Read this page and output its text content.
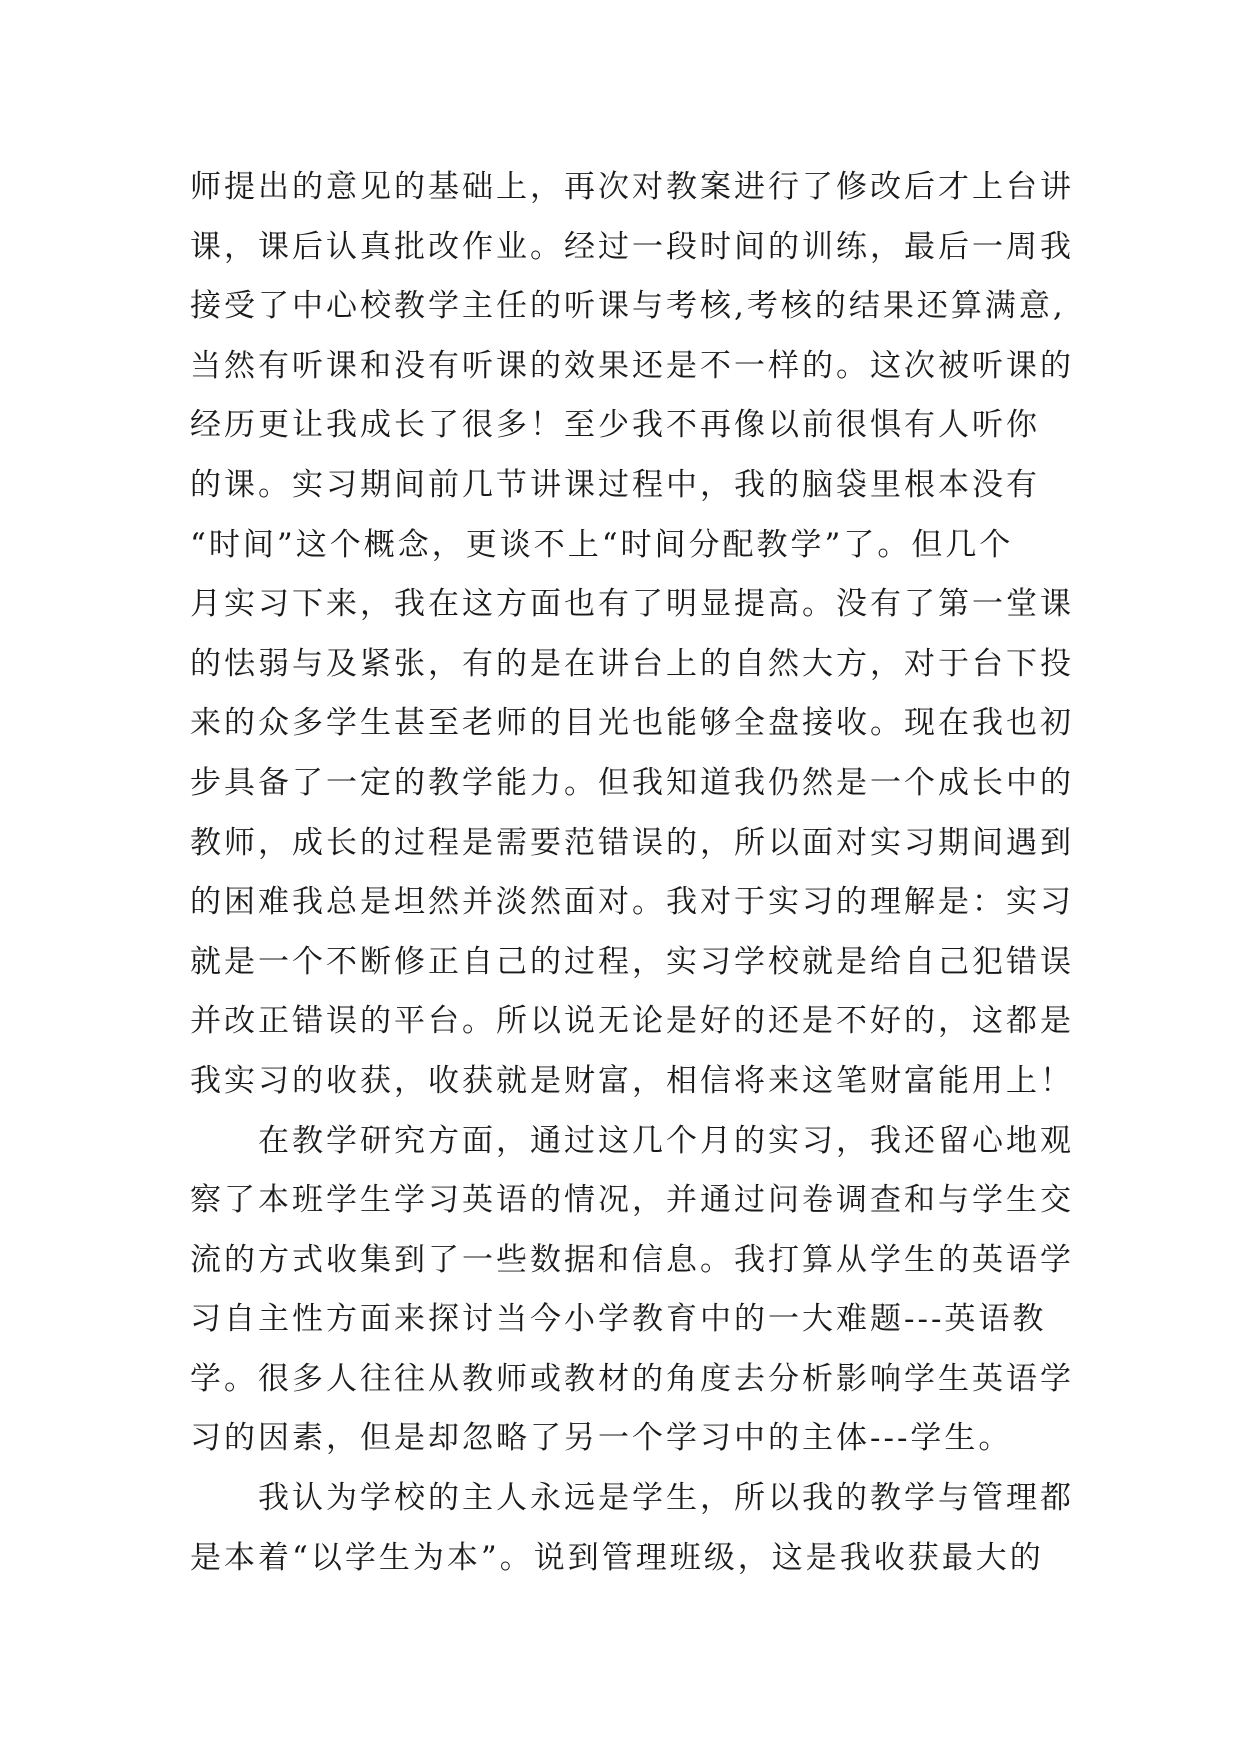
师提出的意见的基础上，再次对教案进行了修改后才上台讲
课，课后认真批改作业。经过一段时间的训练，最后一周我
接受了中心校教学主任的听课与考核,考核的结果还算满意,
当然有听课和没有听课的效果还是不一样的。这次被听课的
经历更让我成长了很多！至少我不再像以前很惧有人听你
的课。实习期间前几节讲课过程中，我的脑袋里根本没有
“时间”这个概念，更谈不上“时间分配教学”了。但几个
月实习下来，我在这方面也有了明显提高。没有了第一堂课
的怯弱与及紧张，有的是在讲台上的自然大方，对于台下投
来的众多学生甚至老师的目光也能够全盘接收。现在我也初
步具备了一定的教学能力。但我知道我仍然是一个成长中的
教师，成长的过程是需要范错误的，所以面对实习期间遇到
的困难我总是坦然并淡然面对。我对于实习的理解是：实习
就是一个不断修正自己的过程，实习学校就是给自己犯错误
并改正错误的平台。所以说无论是好的还是不好的，这都是
我实习的收获，收获就是财富，相信将来这笔财富能用上！
在教学研究方面，通过这几个月的实习，我还留心地观
察了本班学生学习英语的情况，并通过问卷调查和与学生交
流的方式收集到了一些数据和信息。我打算从学生的英语学
习自主性方面来探讨当今小学教育中的一大难题---英语教
学。很多人往往从教师或教材的角度去分析影响学生英语学
习的因素，但是却忽略了另一个学习中的主体---学生。
我认为学校的主人永远是学生，所以我的教学与管理都
是本着“以学生为本”。说到管理班级，这是我收获最大的
